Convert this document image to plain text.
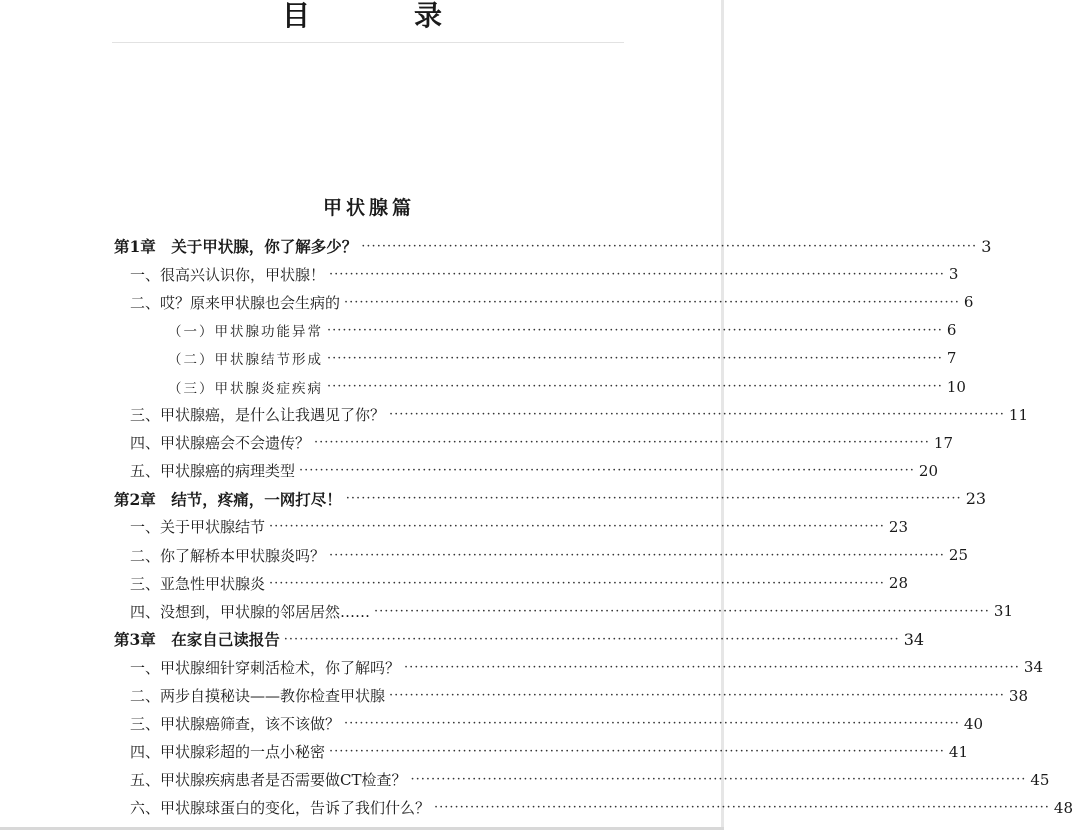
目　录
甲状腺篇
第1章　关于甲状腺，你了解多少？ ························································································································ 3
一、很高兴认识你，甲状腺！ ························································································································ 3
二、哎？原来甲状腺也会生病的 ························································································································ 6
（一）甲状腺功能异常 ························································································································ 6
（二）甲状腺结节形成 ························································································································ 7
（三）甲状腺炎症疾病 ························································································································ 10
三、甲状腺癌，是什么让我遇见了你？ ························································································································ 11
四、甲状腺癌会不会遗传？ ························································································································ 17
五、甲状腺癌的病理类型 ························································································································ 20
第2章　结节，疼痛，一网打尽！ ························································································································ 23
一、关于甲状腺结节 ························································································································ 23
二、你了解桥本甲状腺炎吗？ ························································································································ 25
三、亚急性甲状腺炎 ························································································································ 28
四、没想到，甲状腺的邻居居然…… ························································································································ 31
第3章　在家自己读报告 ························································································································ 34
一、甲状腺细针穿刺活检术，你了解吗？ ························································································································ 34
二、两步自摸秘诀——教你检查甲状腺 ························································································································ 38
三、甲状腺癌筛查，该不该做？ ························································································································ 40
四、甲状腺彩超的一点小秘密 ························································································································ 41
五、甲状腺疾病患者是否需要做CT检查？ ························································································································ 45
六、甲状腺球蛋白的变化，告诉了我们什么？ ························································································································ 48
